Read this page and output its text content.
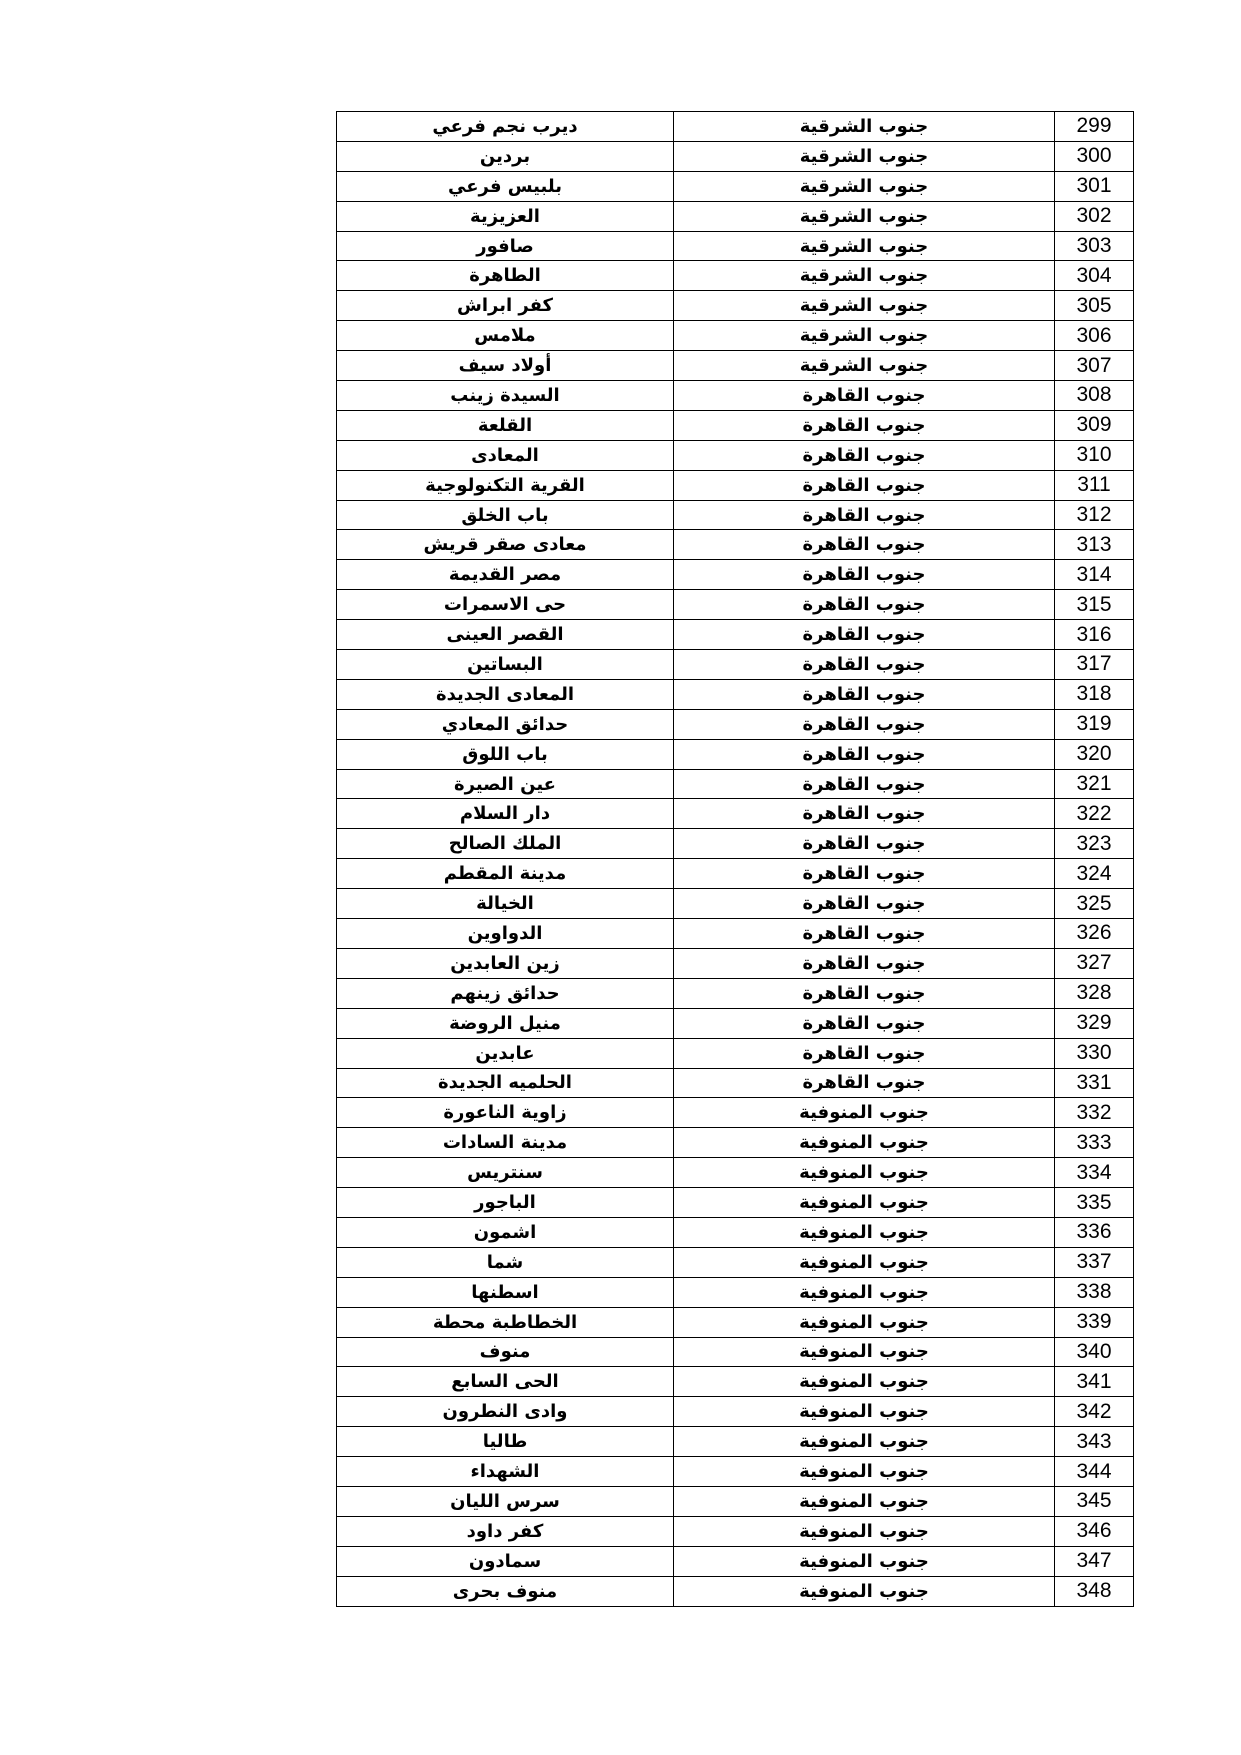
ديرب نجم فرعي	جنوب الشرقية	299
بردين	جنوب الشرقية	300
بلبيس فرعي	جنوب الشرقية	301
العزيزية	جنوب الشرقية	302
صافور	جنوب الشرقية	303
الطاهرة	جنوب الشرقية	304
كفر ابراش	جنوب الشرقية	305
ملامس	جنوب الشرقية	306
أولاد سيف	جنوب الشرقية	307
السيدة زينب	جنوب القاهرة	308
القلعة	جنوب القاهرة	309
المعادى	جنوب القاهرة	310
القرية التكنولوجية	جنوب القاهرة	311
باب الخلق	جنوب القاهرة	312
معادى صقر قريش	جنوب القاهرة	313
مصر القديمة	جنوب القاهرة	314
حى الاسمرات	جنوب القاهرة	315
القصر العينى	جنوب القاهرة	316
البساتين	جنوب القاهرة	317
المعادى الجديدة	جنوب القاهرة	318
حدائق المعادي	جنوب القاهرة	319
باب اللوق	جنوب القاهرة	320
عين الصيرة	جنوب القاهرة	321
دار السلام	جنوب القاهرة	322
الملك الصالح	جنوب القاهرة	323
مدينة المقطم	جنوب القاهرة	324
الخيالة	جنوب القاهرة	325
الدواوين	جنوب القاهرة	326
زين العابدين	جنوب القاهرة	327
حدائق زينهم	جنوب القاهرة	328
منيل الروضة	جنوب القاهرة	329
عابدين	جنوب القاهرة	330
الحلميه الجديدة	جنوب القاهرة	331
زاوية الناعورة	جنوب المنوفية	332
مدينة السادات	جنوب المنوفية	333
سنتريس	جنوب المنوفية	334
الباجور	جنوب المنوفية	335
اشمون	جنوب المنوفية	336
شما	جنوب المنوفية	337
اسطنها	جنوب المنوفية	338
الخطاطبة محطة	جنوب المنوفية	339
منوف	جنوب المنوفية	340
الحى السابع	جنوب المنوفية	341
وادى النطرون	جنوب المنوفية	342
طاليا	جنوب المنوفية	343
الشهداء	جنوب المنوفية	344
سرس الليان	جنوب المنوفية	345
كفر داود	جنوب المنوفية	346
سمادون	جنوب المنوفية	347
منوف بحرى	جنوب المنوفية	348
